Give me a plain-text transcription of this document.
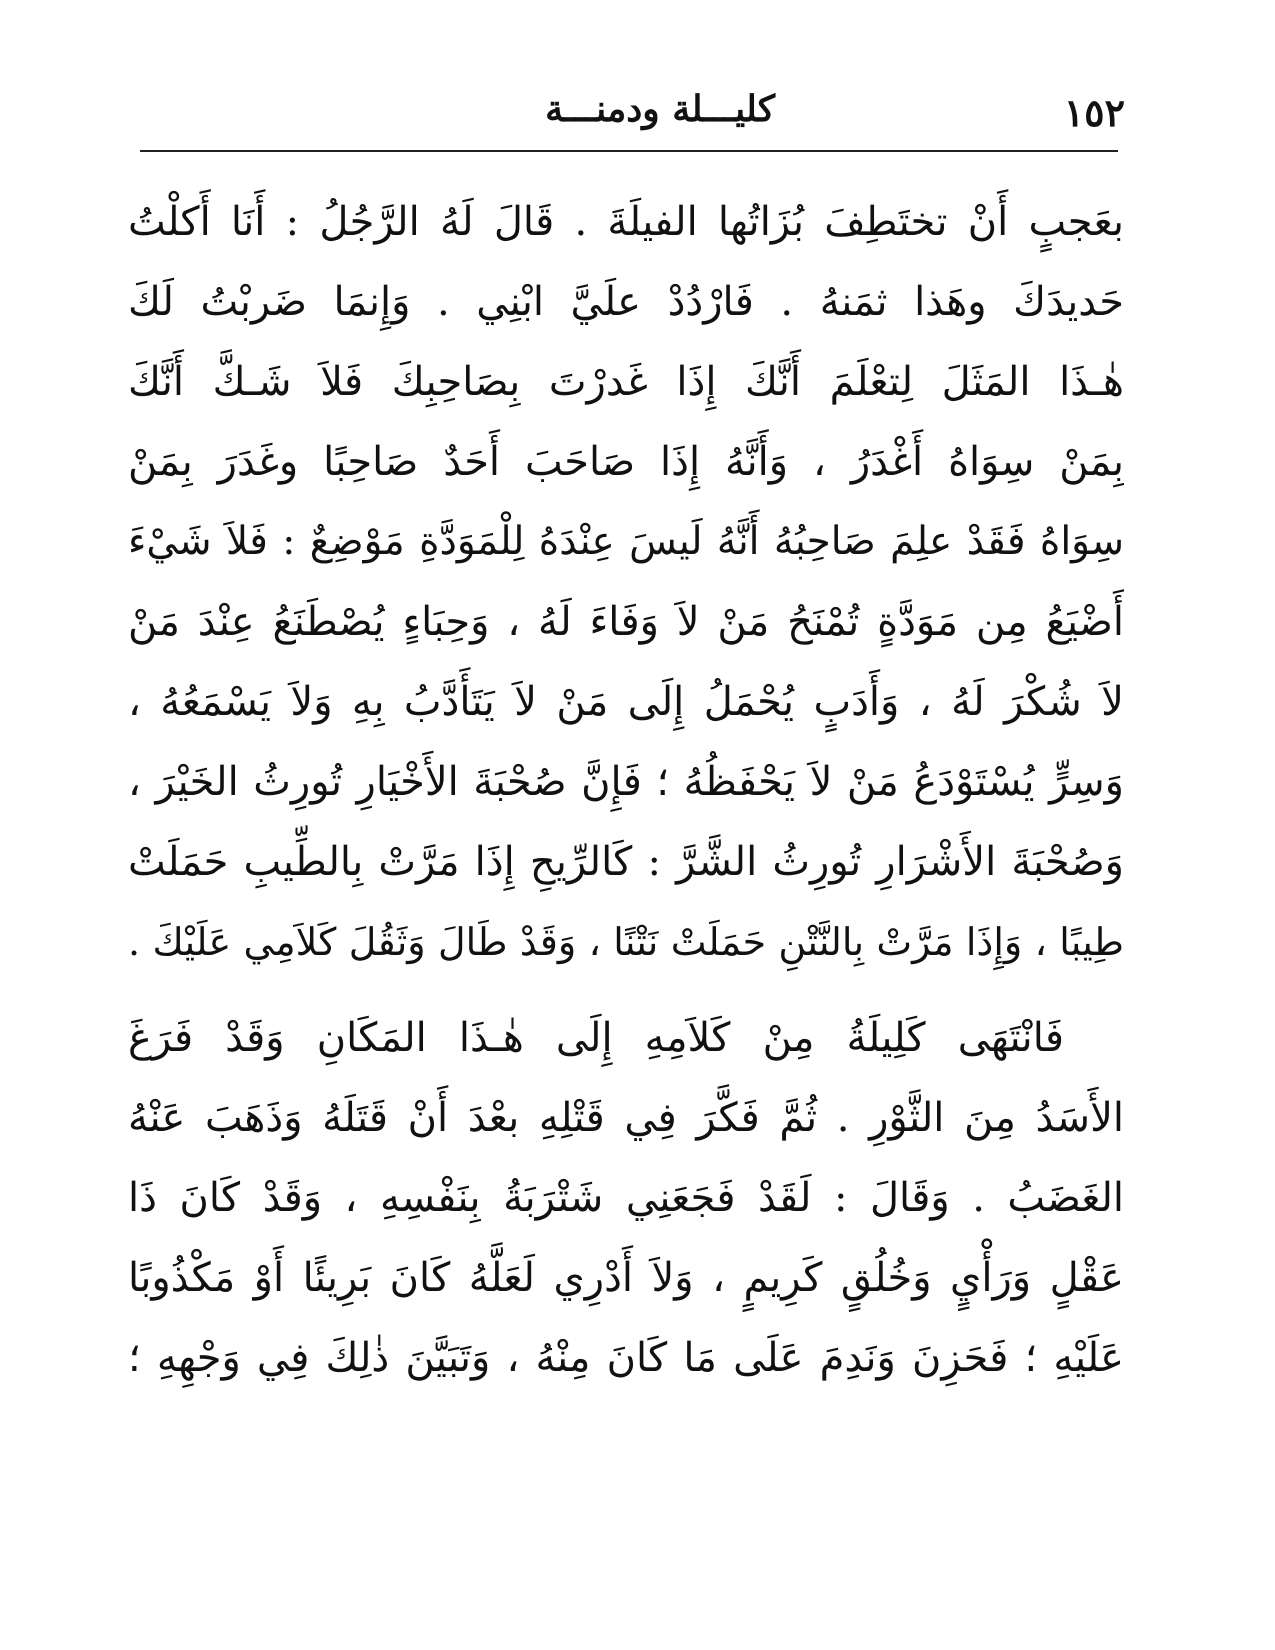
١٥٢
كليـــلة ودمنـــة
بعَجبٍ أَنْ تختَطِفَ بُزَاتُها الفيلَةَ . قَالَ لَهُ الرَّجُلُ : أَنَا أَكلْتُ
حَديدَكَ وهَذا ثمَنهُ . فَارْدُدْ علَيَّ ابْنِي . وَإِنمَا ضَربْتُ لَكَ
هٰـذَا المَثَلَ لِتعْلَمَ أَنَّكَ إِذَا غَدرْتَ بِصَاحِبِكَ فَلاَ شَـكَّ أَنَّكَ
بِمَنْ سِوَاهُ أَغْدَرُ ، وَأَنَّهُ إِذَا صَاحَبَ أَحَدٌ صَاحِبًا وغَدَرَ بِمَنْ
سِوَاهُ فَقَدْ علِمَ صَاحِبُهُ أَنَّهُ لَيسَ عِنْدَهُ لِلْمَوَدَّةِ مَوْضِعٌ : فَلاَ شَيْءَ
أَضْيَعُ مِن مَوَدَّةٍ تُمْنَحُ مَنْ لاَ وَفَاءَ لَهُ ، وَحِبَاءٍ يُصْطَنَعُ عِنْدَ مَنْ
لاَ شُكْرَ لَهُ ، وَأَدَبٍ يُحْمَلُ إِلَى مَنْ لاَ يَتَأَدَّبُ بِهِ وَلاَ يَسْمَعُهُ ،
وَسِرٍّ يُسْتَوْدَعُ مَنْ لاَ يَحْفَظُهُ ؛ فَإِنَّ صُحْبَةَ الأَخْيَارِ تُورِثُ الخَيْرَ ،
وَصُحْبَةَ الأَشْرَارِ تُورِثُ الشَّرَّ : كَالرِّيحِ إِذَا مَرَّتْ بِالطِّيبِ حَمَلَتْ
طِيبًا ، وَإِذَا مَرَّتْ بِالنَّتْنِ حَمَلَتْ نَتْنًا ، وَقَدْ طَالَ وَثَقُلَ كَلاَمِي عَلَيْكَ .
فَانْتَهَى كَلِيلَةُ مِنْ كَلاَمِهِ إِلَى هٰـذَا المَكَانِ وَقَدْ فَرَغَ
الأَسَدُ مِنَ الثَّوْرِ . ثُمَّ فَكَّرَ فِي قَتْلِهِ بعْدَ أَنْ قَتَلَهُ وَذَهَبَ عَنْهُ
الغَضَبُ . وَقَالَ : لَقَدْ فَجَعَنِي شَتْرَبَةُ بِنَفْسِهِ ، وَقَدْ كَانَ ذَا
عَقْلٍ وَرَأْيٍ وَخُلُقٍ كَرِيمٍ ، وَلاَ أَدْرِي لَعَلَّهُ كَانَ بَرِيئًا أَوْ مَكْذُوبًا
عَلَيْهِ ؛ فَحَزِنَ وَنَدِمَ عَلَى مَا كَانَ مِنْهُ ، وَتَبَيَّنَ ذٰلِكَ فِي وَجْهِهِ ؛
